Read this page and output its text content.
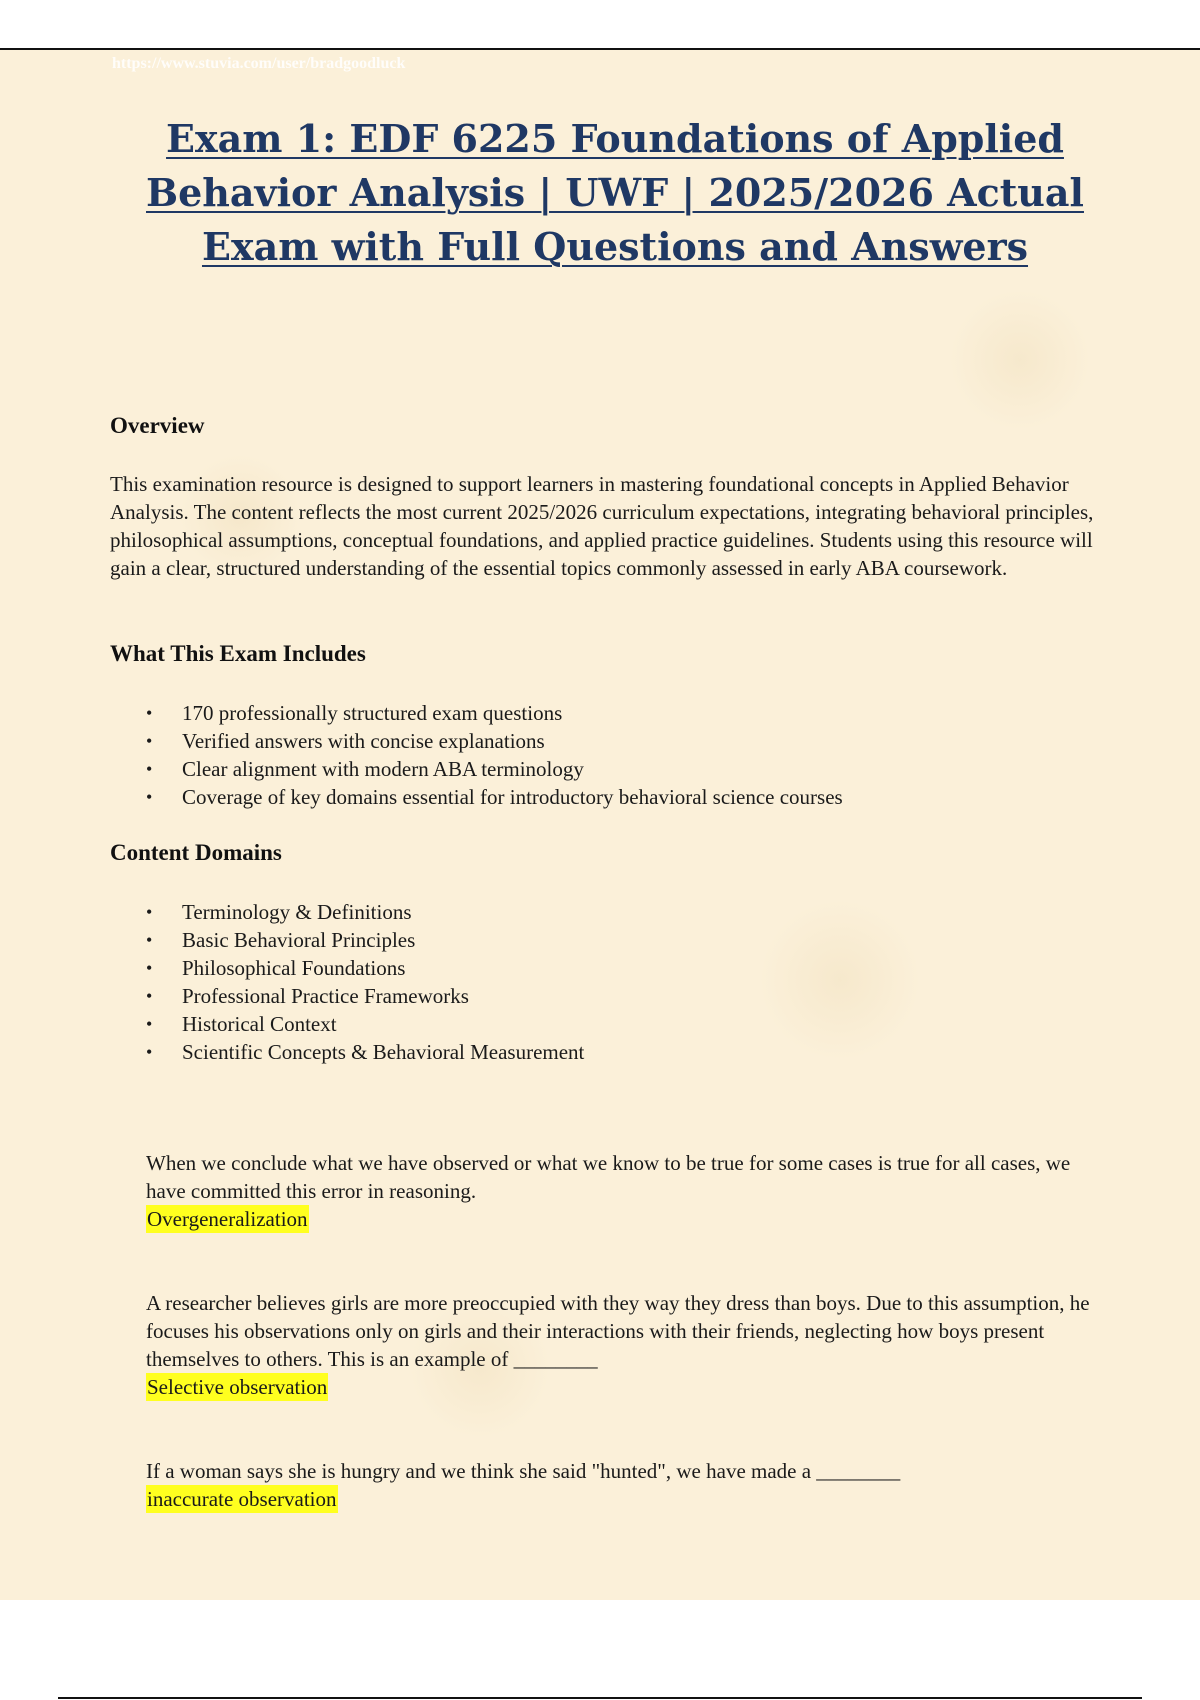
https://www.stuvia.com/user/bradgoodluck
Exam 1: EDF 6225 Foundations of Applied Behavior Analysis | UWF | 2025/2026 Actual Exam with Full Questions and Answers
Overview

This examination resource is designed to support learners in mastering foundational concepts in Applied Behavior Analysis. The content reflects the most current 2025/2026 curriculum expectations, integrating behavioral principles, philosophical assumptions, conceptual foundations, and applied practice guidelines. Students using this resource will gain a clear, structured understanding of the essential topics commonly assessed in early ABA coursework.

What This Exam Includes
• 170 professionally structured exam questions
• Verified answers with concise explanations
• Clear alignment with modern ABA terminology
• Coverage of key domains essential for introductory behavioral science courses
Content Domains
• Terminology & Definitions
• Basic Behavioral Principles
• Philosophical Foundations
• Professional Practice Frameworks
• Historical Context
• Scientific Concepts & Behavioral Measurement

When we conclude what we have observed or what we know to be true for some cases is true for all cases, we have committed this error in reasoning.

Overgeneralization

A researcher believes girls are more preoccupied with they way they dress than boys. Due to this assumption, he focuses his observations only on girls and their interactions with their friends, neglecting how boys present themselves to others. This is an example of ________

Selective observation

If a woman says she is hungry and we think she said "hunted", we have made a ________

inaccurate observation
